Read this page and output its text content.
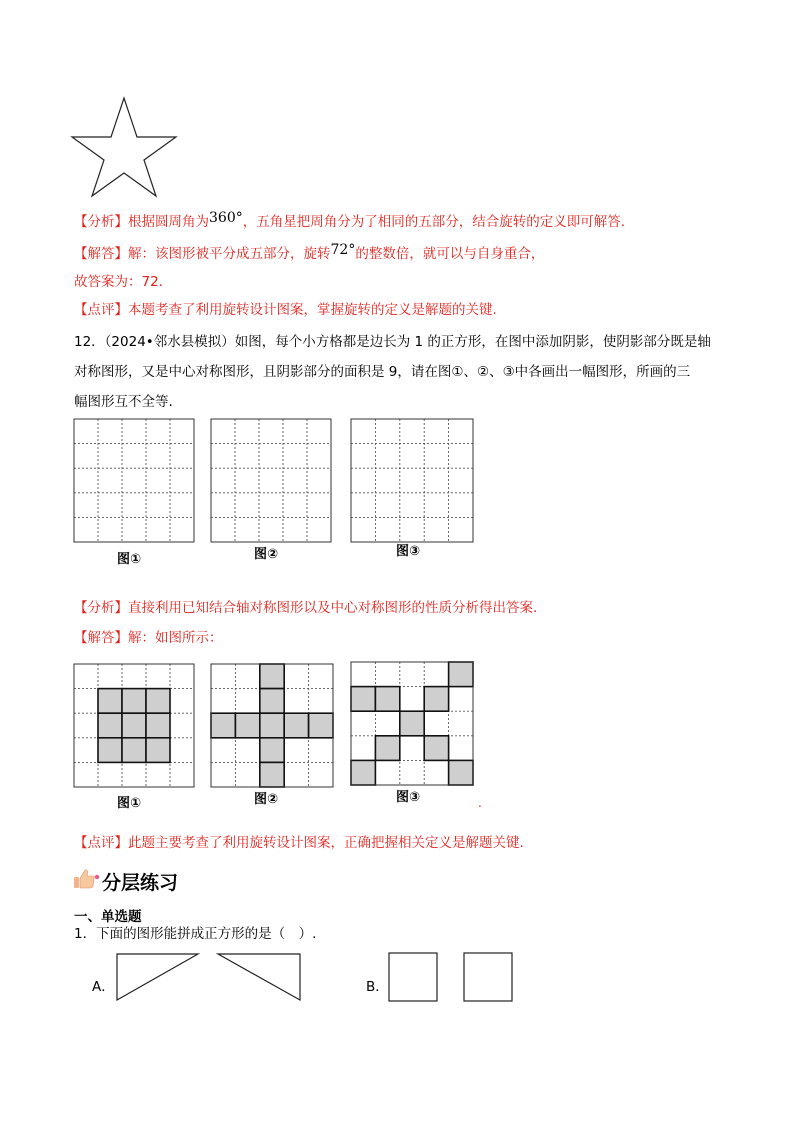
【分析】根据圆周角为360°，五角星把周角分为了相同的五部分，结合旋转的定义即可解答.
【解答】解：该图形被平分成五部分，旋转72°的整数倍，就可以与自身重合，
故答案为：72.
【点评】本题考查了利用旋转设计图案，掌握旋转的定义是解题的关键.
12．（2024•邻水县模拟）如图，每个小方格都是边长为 1 的正方形，在图中添加阴影，使阴影部分既是轴
对称图形，又是中心对称图形，且阴影部分的面积是 9，请在图①、②、③中各画出一幅图形，所画的三
幅图形互不全等.
图①	图②	图③
【分析】直接利用已知结合轴对称图形以及中心对称图形的性质分析得出答案.
【解答】解：如图所示：
图①	图②	图③	.
【点评】此题主要考查了利用旋转设计图案，正确把握相关定义是解题关键.
分层练习
一、单选题
1．下面的图形能拼成正方形的是（　）.
A．	B．
